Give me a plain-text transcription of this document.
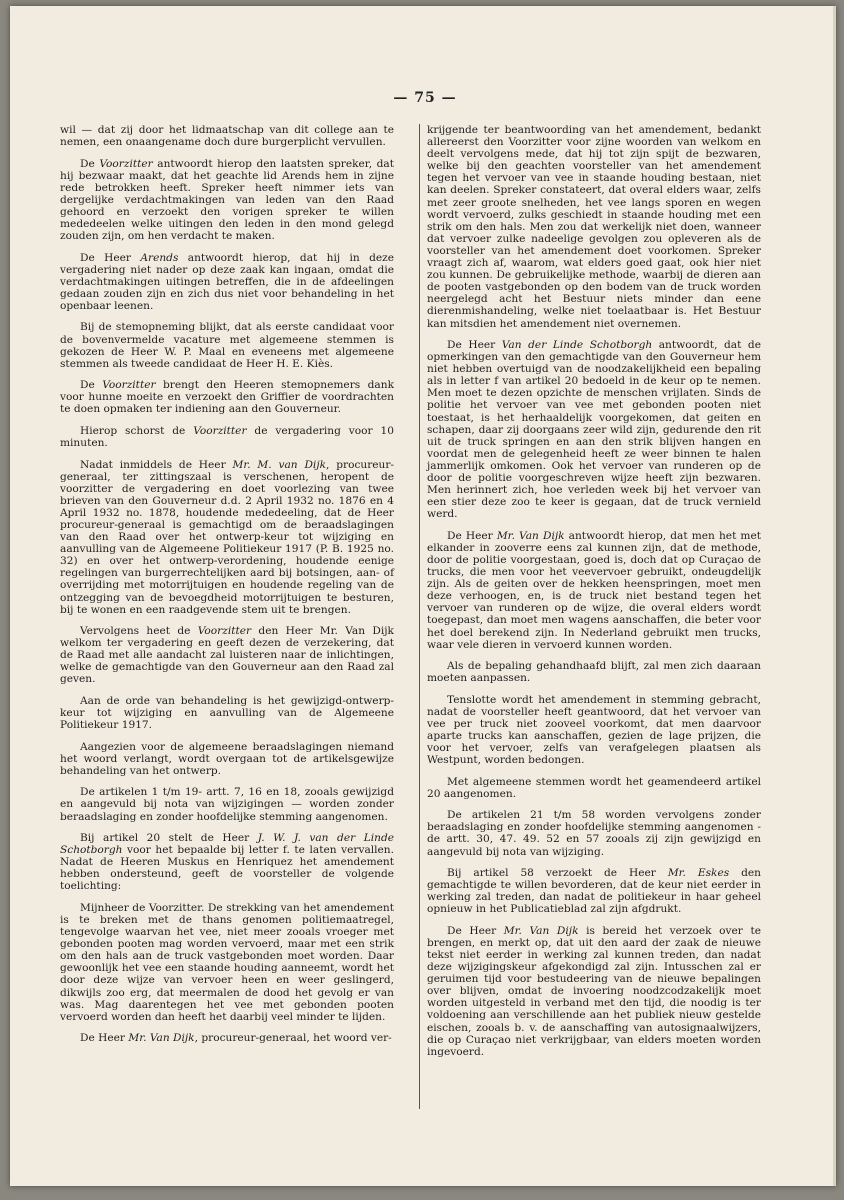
— 75 —

wil — dat zij door het lidmaatschap van dit college aan te nemen, een onaangename doch dure burgerplicht vervullen.

De Voorzitter antwoordt hierop den laatsten spreker, dat hij bezwaar maakt, dat het geachte lid Arends hem in zijne rede betrokken heeft. Spreker heeft nimmer iets van dergelijke verdachtmakingen van leden van den Raad gehoord en verzoekt den vorigen spreker te willen mededeelen welke uitingen den leden in den mond gelegd zouden zijn, om hen verdacht te maken.

De Heer Arends antwoordt hierop, dat hij in deze vergadering niet nader op deze zaak kan ingaan, omdat die verdachtmakingen uitingen betreffen, die in de afdeelingen gedaan zouden zijn en zich dus niet voor behandeling in het openbaar leenen.

Bij de stemopneming blijkt, dat als eerste candidaat voor de bovenvermelde vacature met algemeene stemmen is gekozen de Heer W. P. Maal en eveneens met algemeene stemmen als tweede candidaat de Heer H. E. Kiès.

De Voorzitter brengt den Heeren stemopnemers dank voor hunne moeite en verzoekt den Griffier de voordrachten te doen opmaken ter indiening aan den Gouverneur.

Hierop schorst de Voorzitter de vergadering voor 10 minuten.

Nadat inmiddels de Heer Mr. M. van Dijk, procureur-generaal, ter zittingszaal is verschenen, heropent de voorzitter de vergadering en doet voorlezing van twee brieven van den Gouverneur d.d. 2 April 1932 no. 1876 en 4 April 1932 no. 1878, houdende mededeeling, dat de Heer procureur-generaal is gemachtigd om de beraadslagingen van den Raad over het ontwerp-keur tot wijziging en aanvulling van de Algemeene Politiekeur 1917 (P. B. 1925 no. 32) en over het ontwerp-verordening, houdende eenige regelingen van burgerrechtelijken aard bij botsingen, aan- of overrijding met motorrijtuigen en houdende regeling van de ontzegging van de bevoegdheid motorrijtuigen te besturen, bij te wonen en een raadgevende stem uit te brengen.

Vervolgens heet de Voorzitter den Heer Mr. Van Dijk welkom ter vergadering en geeft dezen de verzekering, dat de Raad met alle aandacht zal luisteren naar de inlichtingen, welke de gemachtigde van den Gouverneur aan den Raad zal geven.

Aan de orde van behandeling is het gewijzigd-ontwerp-keur tot wijziging en aanvulling van de Algemeene Politiekeur 1917.

Aangezien voor de algemeene beraadslagingen niemand het woord verlangt, wordt overgaan tot de artikelsgewijze behandeling van het ontwerp.

De artikelen 1 t/m 19- artt. 7, 16 en 18, zooals gewijzigd en aangevuld bij nota van wijzigingen — worden zonder beraadslaging en zonder hoofdelijke stemming aangenomen.

Bij artikel 20 stelt de Heer J. W. J. van der Linde Schotborgh voor het bepaalde bij letter f. te laten vervallen. Nadat de Heeren Muskus en Henriquez het amendement hebben ondersteund, geeft de voorsteller de volgende toelichting:

Mijnheer de Voorzitter. De strekking van het amendement is te breken met de thans genomen politiemaatregel, tengevolge waarvan het vee, niet meer zooals vroeger met gebonden pooten mag worden vervoerd, maar met een strik om den hals aan de truck vastgebonden moet worden. Daar gewoonlijk het vee een staande houding aanneemt, wordt het door deze wijze van vervoer heen en weer geslingerd, dikwijls zoo erg, dat meermalen de dood het gevolg er van was. Mag daarentegen het vee met gebonden pooten vervoerd worden dan heeft het daarbij veel minder te lijden.

De Heer Mr. Van Dijk, procureur-generaal, het woord ver-

krijgende ter beantwoording van het amendement, bedankt allereerst den Voorzitter voor zijne woorden van welkom en deelt vervolgens mede, dat hij tot zijn spijt de bezwaren, welke bij den geachten voorsteller van het amendement tegen het vervoer van vee in staande houding bestaan, niet kan deelen. Spreker constateert, dat overal elders waar, zelfs met zeer groote snelheden, het vee langs sporen en wegen wordt vervoerd, zulks geschiedt in staande houding met een strik om den hals. Men zou dat werkelijk niet doen, wanneer dat vervoer zulke nadeelige gevolgen zou opleveren als de voorsteller van het amendement doet voorkomen. Spreker vraagt zich af, waarom, wat elders goed gaat, ook hier niet zou kunnen. De gebruikelijke methode, waarbij de dieren aan de pooten vastgebonden op den bodem van de truck worden neergelegd acht het Bestuur niets minder dan eene dierenmishandeling, welke niet toelaatbaar is. Het Bestuur kan mitsdien het amendement niet overnemen.

De Heer Van der Linde Schotborgh antwoordt, dat de opmerkingen van den gemachtigde van den Gouverneur hem niet hebben overtuigd van de noodzakelijkheid een bepaling als in letter f van artikel 20 bedoeld in de keur op te nemen. Men moet te dezen opzichte de menschen vrijlaten. Sinds de politie het vervoer van vee met gebonden pooten niet toestaat, is het herhaaldelijk voorgekomen, dat geiten en schapen, daar zij doorgaans zeer wild zijn, gedurende den rit uit de truck springen en aan den strik blijven hangen en voordat men de gelegenheid heeft ze weer binnen te halen jammerlijk omkomen. Ook het vervoer van runderen op de door de politie voorgeschreven wijze heeft zijn bezwaren. Men herinnert zich, hoe verleden week bij het vervoer van een stier deze zoo te keer is gegaan, dat de truck vernield werd.

De Heer Mr. Van Dijk antwoordt hierop, dat men het met elkander in zooverre eens zal kunnen zijn, dat de methode, door de politie voorgestaan, goed is, doch dat op Curaçao de trucks, die men voor het veevervoer gebruikt, ondeugdelijk zijn. Als de geiten over de hekken heenspringen, moet men deze verhoogen, en, is de truck niet bestand tegen het vervoer van runderen op de wijze, die overal elders wordt toegepast, dan moet men wagens aanschaffen, die beter voor het doel berekend zijn. In Nederland gebruikt men trucks, waar vele dieren in vervoerd kunnen worden.

Als de bepaling gehandhaafd blijft, zal men zich daaraan moeten aanpassen.

Tenslotte wordt het amendement in stemming gebracht, nadat de voorsteller heeft geantwoord, dat het vervoer van vee per truck niet zooveel voorkomt, dat men daarvoor aparte trucks kan aanschaffen, gezien de lage prijzen, die voor het vervoer, zelfs van verafgelegen plaatsen als Westpunt, worden bedongen.

Met algemeene stemmen wordt het geamendeerd artikel 20 aangenomen.

De artikelen 21 t/m 58 worden vervolgens zonder beraadslaging en zonder hoofdelijke stemming aangenomen - de artt. 30, 47. 49. 52 en 57 zooals zij zijn gewijzigd en aangevuld bij nota van wijziging.

Bij artikel 58 verzoekt de Heer Mr. Eskes den gemachtigde te willen bevorderen, dat de keur niet eerder in werking zal treden, dan nadat de politiekeur in haar geheel opnieuw in het Publicatieblad zal zijn afgdrukt.

De Heer Mr. Van Dijk is bereid het verzoek over te brengen, en merkt op, dat uit den aard der zaak de nieuwe tekst niet eerder in werking zal kunnen treden, dan nadat deze wijzigingskeur afgekondigd zal zijn. Intusschen zal er geruimen tijd voor bestudeering van de nieuwe bepalingen over blijven, omdat de invoering noodzcodzakelijk moet worden uitgesteld in verband met den tijd, die noodig is ter voldoening aan verschillende aan het publiek nieuw gestelde eischen, zooals b. v. de aanschaffing van autosignaalwijzers, die op Curaçao niet verkrijgbaar, van elders moeten worden ingevoerd.
